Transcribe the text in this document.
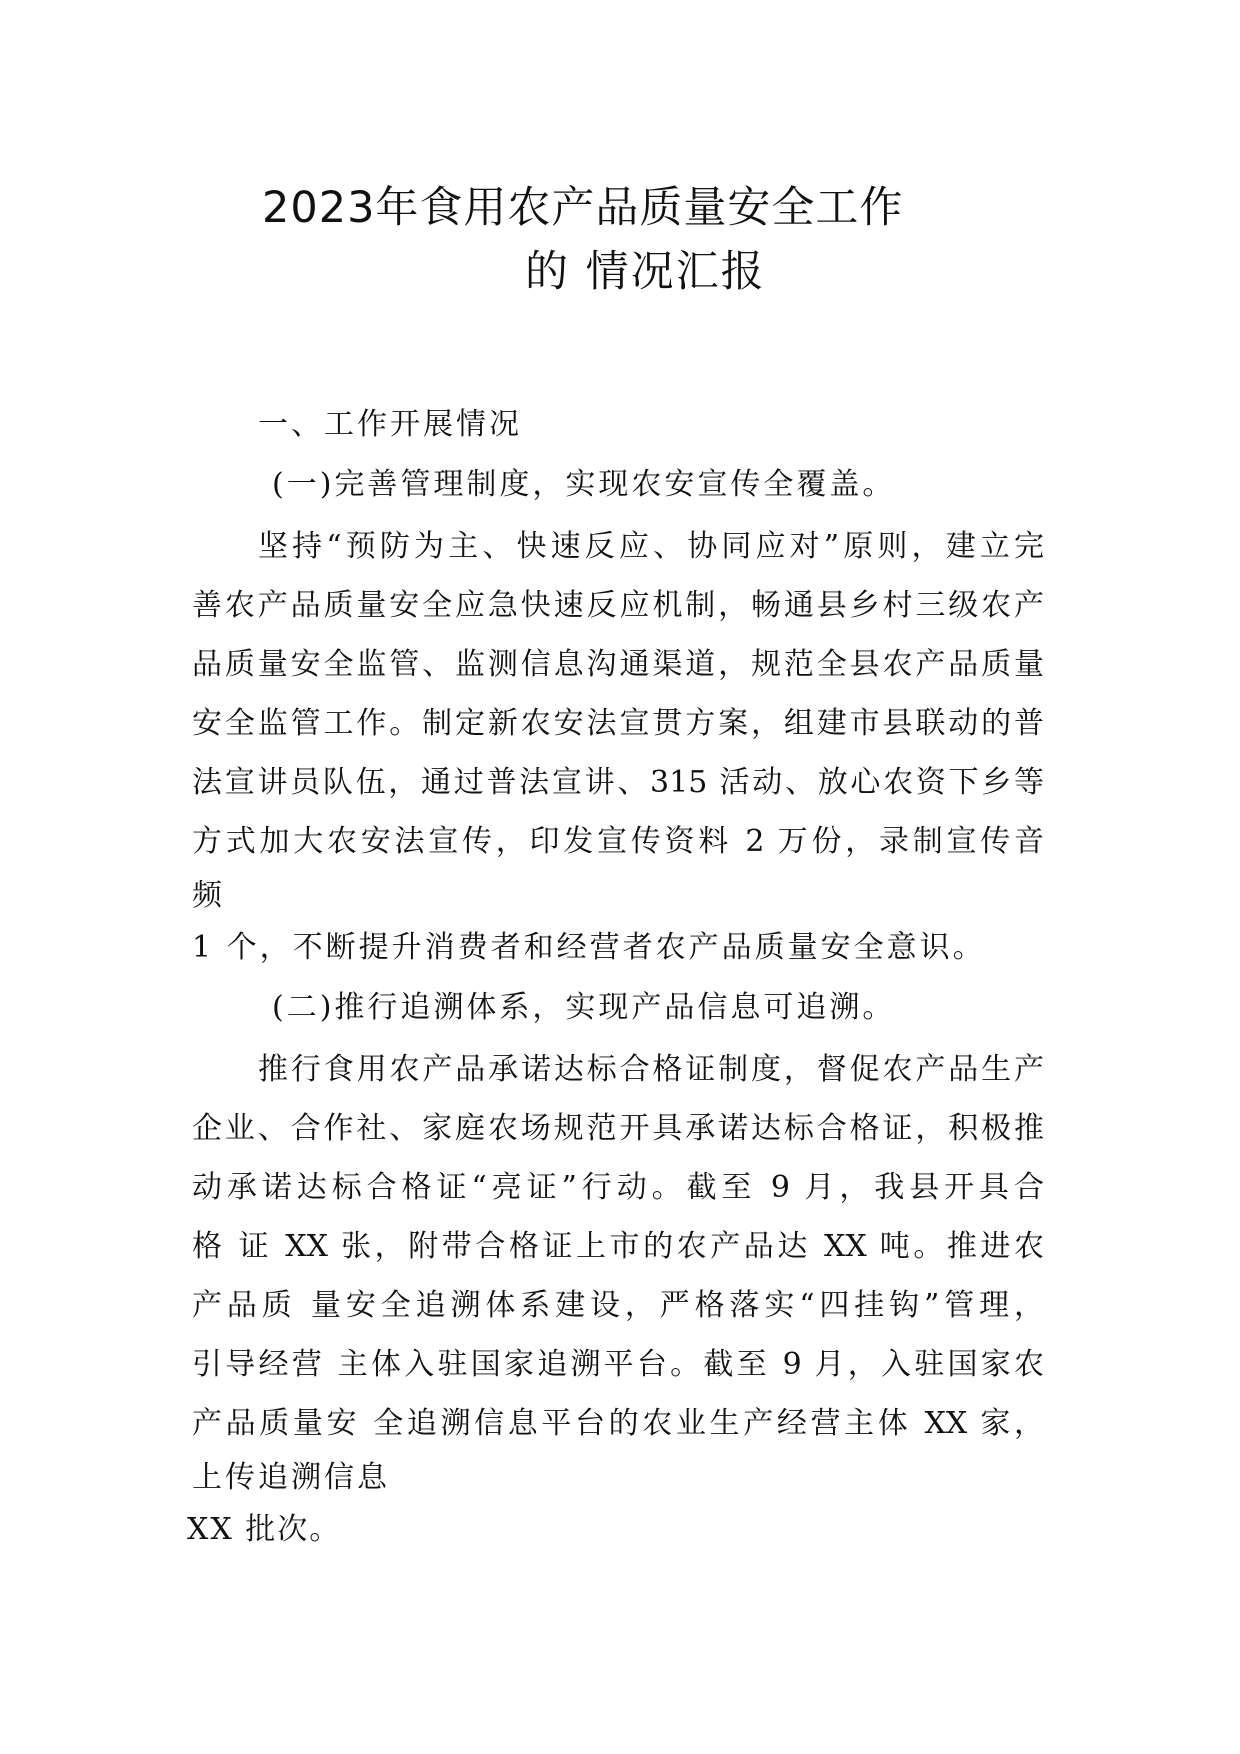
2023年食用农产品质量安全工作
的 情况汇报
一、工作开展情况
(一)完善管理制度，实现农安宣传全覆盖。
坚持“预防为主、快速反应、协同应对”原则，建立完
善农产品质量安全应急快速反应机制，畅通县乡村三级农产
品质量安全监管、监测信息沟通渠道，规范全县农产品质量
安全监管工作。制定新农安法宣贯方案，组建市县联动的普
法宣讲员队伍，通过普法宣讲、315 活动、放心农资下乡等
方式加大农安法宣传，印发宣传资料 2 万份，录制宣传音
频
1 个，不断提升消费者和经营者农产品质量安全意识。
(二)推行追溯体系，实现产品信息可追溯。
推行食用农产品承诺达标合格证制度，督促农产品生产
企业、合作社、家庭农场规范开具承诺达标合格证，积极推
动承诺达标合格证“亮证”行动。截至 9 月，我县开具合
格 证 XX 张，附带合格证上市的农产品达 XX 吨。推进农
产品质 量安全追溯体系建设，严格落实“四挂钩”管理，
引导经营 主体入驻国家追溯平台。截至 9 月，入驻国家农
产品质量安 全追溯信息平台的农业生产经营主体 XX 家，
上传追溯信息
XX 批次。
